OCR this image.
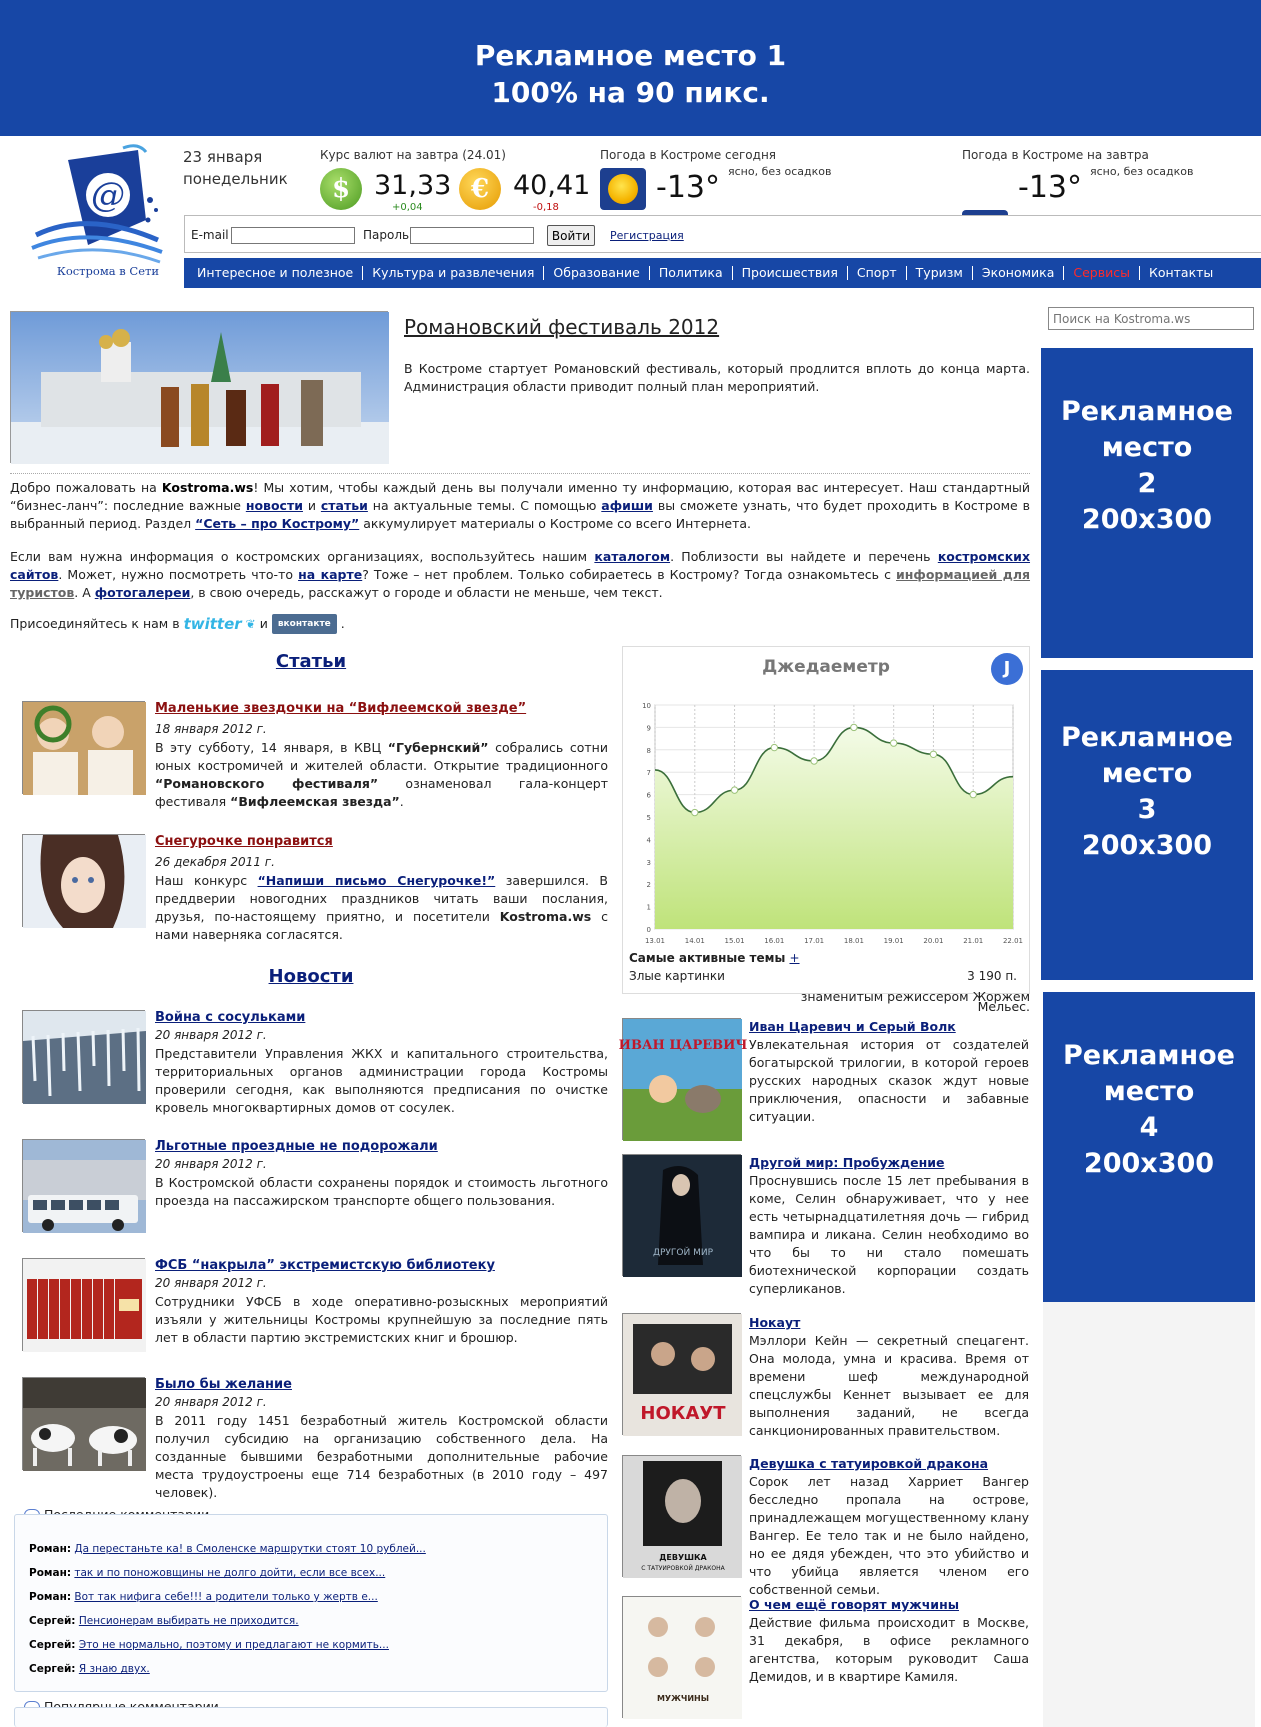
Рекламное место 1
100% на 90 пикс.
@
Кострома в Сети
23 января
понедельник
Курс валют на завтра (24.01)
$ 31,33
+0,04
€ 40,41
-0,18
Погода в Костроме сегодня
-13° ясно, без осадков
Погода в Костроме на завтра
-13° ясно, без осадков
E-mail	Пароль	Войти	Регистрация
Интересное и полезное	Культура и развлечения	Образование	Политика	Происшествия	Спорт	Туризм	Экономика	Сервисы	Контакты
Поиск на Kostroma.ws
Рекламное
место
2
200x300
Рекламное
место
3
200x300
Рекламное
место
4
200x300
Романовский фестиваль 2012
В Костроме стартует Романовский фестиваль, который продлится вплоть до конца марта. Администрация области приводит полный план мероприятий.
Добро пожаловать на Kostroma.ws! Мы хотим, чтобы каждый день вы получали именно ту информацию, которая вас интересует. Наш стандартный “бизнес-ланч”: последние важные новости и статьи на актуальные темы. С помощью афиши вы сможете узнать, что будет проходить в Костроме в выбранный период. Раздел “Сеть – про Кострому” аккумулирует материалы о Костроме со всего Интернета.
Если вам нужна информация о костромских организациях, воспользуйтесь нашим каталогом. Поблизости вы найдете и перечень костромских сайтов. Может, нужно посмотреть что-то на карте? Тоже – нет проблем. Только собираетесь в Кострому? Тогда ознакомьтесь с информацией для туристов. А фотогалереи, в свою очередь, расскажут о городе и области не меньше, чем текст.
Присоединяйтесь к нам в twitter ❦ и	вконтакте .
Статьи
Маленькие звездочки на “Вифлеемской звезде”
18 января 2012 г.
В эту субботу, 14 января, в КВЦ “Губернский” собрались сотни юных костромичей и жителей области. Открытие традиционного “Романовского фестиваля” ознаменовал гала-концерт фестиваля “Вифлеемская звезда”.
Снегурочке понравится
26 декабря 2011 г.
Наш конкурс “Напиши письмо Снегурочке!” завершился. В преддверии новогодних праздников читать ваши послания, друзья, по-настоящему приятно, и посетители Kostroma.ws с нами наверняка согласятся.
Новости
Война с сосульками
20 января 2012 г.
Представители Управления ЖКХ и капитального строительства, территориальных органов администрации города Костромы проверили сегодня, как выполняются предписания по очистке кровель многоквартирных домов от сосулек.
Льготные проездные не подорожали
20 января 2012 г.
В Костромской области сохранены порядок и стоимость льготного проезда на пассажирском транспорте общего пользования.
ФСБ “накрыла” экстремистскую библиотеку
20 января 2012 г.
Сотрудники УФСБ в ходе оперативно-розыскных мероприятий изъяли у жительницы Костромы крупнейшую за последние пять лет в области партию экстремистских книг и брошюр.
Было бы желание
20 января 2012 г.
В 2011 году 1451 безработный житель Костромской области получил субсидию на организацию собственного дела. На созданные бывшими безработными дополнительные рабочие места трудоустроены еще 714 безработных (в 2010 году – 497 человек).
Роман: Да перестаньте ка! в Смоленске маршрутки стоят 10 рублей...
Роман: так и по поножовщины не долго дойти, если все всех...
Роман: Вот так нифига себе!!! а родители только у жертв е...
Сергей: Пенсионерам выбирать не приходится.
Сергей: Это не нормально, поэтому и предлагают не кормить...
Сергей: Я знаю двух.
Джедаеметр	J
0
1
2
3
4
5
6
7
8
9
10
13.01	14.01	15.01	16.01	17.01	18.01	19.01	20.01	21.01	22.01
Самые активные темы +
Злые картинки	3 190 п.
знаменитым режиссером Жоржем Мельес.
ИВАН ЦАРЕВИЧ
Иван Царевич и Серый Волк
Увлекательная история от создателей богатырской трилогии, в которой героев русских народных сказок ждут новые приключения, опасности и забавные ситуации.
ДРУГОЙ МИР
Другой мир: Пробуждение
Проснувшись после 15 лет пребывания в коме, Селин обнаруживает, что у нее есть четырнадцатилетняя дочь — гибрид вампира и ликана. Селин необходимо во что бы то ни стало помешать биотехнической корпорации создать суперликанов.
НОКАУТ
Нокаут
Мэллори Кейн — секретный спецагент. Она молода, умна и красива. Время от времени шеф международной спецслужбы Кеннет вызывает ее для выполнения заданий, не всегда санкционированных правительством.
ДЕВУШКА
С ТАТУИРОВКОЙ ДРАКОНА
Девушка с татуировкой дракона
Сорок лет назад Харриет Вангер бесследно пропала на острове, принадлежащем могущественному клану Вангер. Ее тело так и не было найдено, но ее дядя убежден, что это убийство и что убийца является членом его собственной семьи.
МУЖЧИНЫ
О чем ещё говорят мужчины
Действие фильма происходит в Москве, 31 декабря, в офисе рекламного агентства, которым руководит Саша Демидов, и в квартире Камиля.
